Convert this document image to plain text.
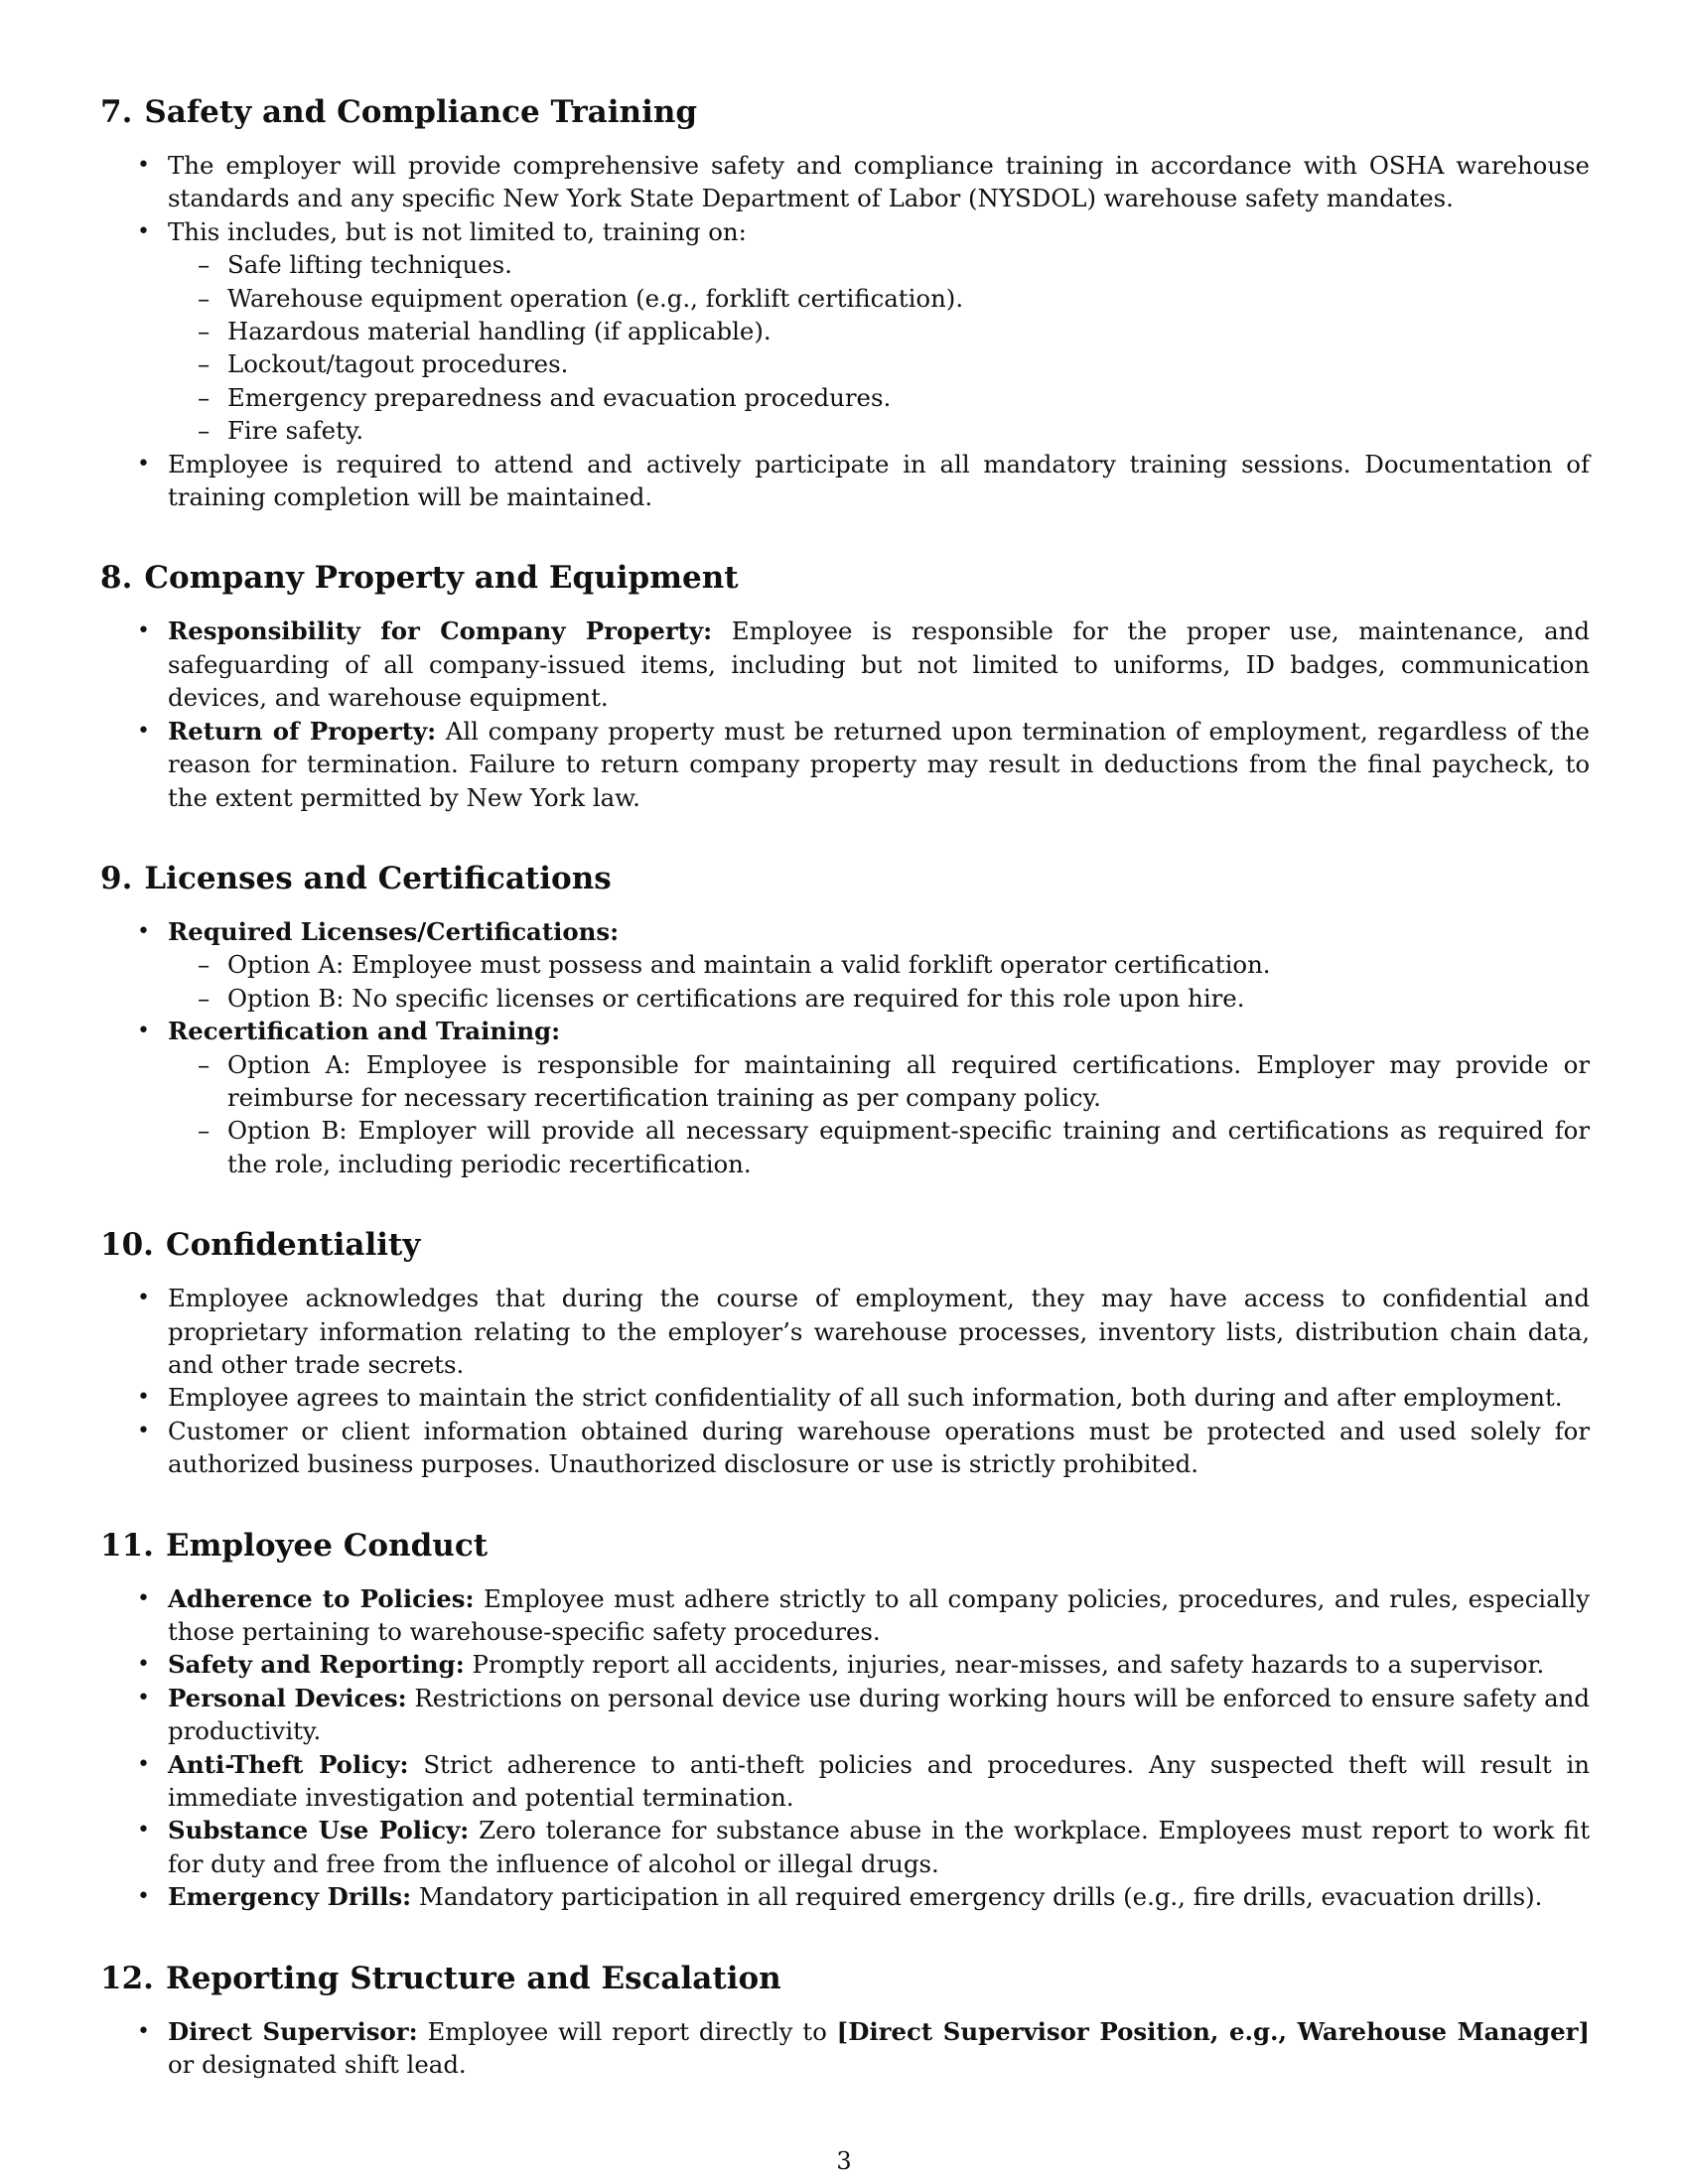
7. Safety and Compliance Training
• The employer will provide comprehensive safety and compliance training in accordance with OSHA warehouse standards and any specific New York State Department of Labor (NYSDOL) warehouse safety mandates.
• This includes, but is not limited to, training on:
– Safe lifting techniques.
– Warehouse equipment operation (e.g., forklift certification).
– Hazardous material handling (if applicable).
– Lockout/tagout procedures.
– Emergency preparedness and evacuation procedures.
– Fire safety.
• Employee is required to attend and actively participate in all mandatory training sessions. Documentation of training completion will be maintained.
8. Company Property and Equipment
• Responsibility for Company Property: Employee is responsible for the proper use, maintenance, and safeguarding of all company-issued items, including but not limited to uniforms, ID badges, communication devices, and warehouse equipment.
• Return of Property: All company property must be returned upon termination of employment, regardless of the reason for termination. Failure to return company property may result in deductions from the final paycheck, to the extent permitted by New York law.
9. Licenses and Certifications
• Required Licenses/Certifications:
– Option A: Employee must possess and maintain a valid forklift operator certification.
– Option B: No specific licenses or certifications are required for this role upon hire.
• Recertification and Training:
– Option A: Employee is responsible for maintaining all required certifications. Employer may provide or reimburse for necessary recertification training as per company policy.
– Option B: Employer will provide all necessary equipment-specific training and certifications as required for the role, including periodic recertification.
10. Confidentiality
• Employee acknowledges that during the course of employment, they may have access to confidential and proprietary information relating to the employer’s warehouse processes, inventory lists, distribution chain data, and other trade secrets.
• Employee agrees to maintain the strict confidentiality of all such information, both during and after employment.
• Customer or client information obtained during warehouse operations must be protected and used solely for authorized business purposes. Unauthorized disclosure or use is strictly prohibited.
11. Employee Conduct
• Adherence to Policies: Employee must adhere strictly to all company policies, procedures, and rules, especially those pertaining to warehouse-specific safety procedures.
• Safety and Reporting: Promptly report all accidents, injuries, near-misses, and safety hazards to a supervisor.
• Personal Devices: Restrictions on personal device use during working hours will be enforced to ensure safety and productivity.
• Anti-Theft Policy: Strict adherence to anti-theft policies and procedures. Any suspected theft will result in immediate investigation and potential termination.
• Substance Use Policy: Zero tolerance for substance abuse in the workplace. Employees must report to work fit for duty and free from the influence of alcohol or illegal drugs.
• Emergency Drills: Mandatory participation in all required emergency drills (e.g., fire drills, evacuation drills).
12. Reporting Structure and Escalation
• Direct Supervisor: Employee will report directly to [Direct Supervisor Position, e.g., Warehouse Manager] or designated shift lead.
3
